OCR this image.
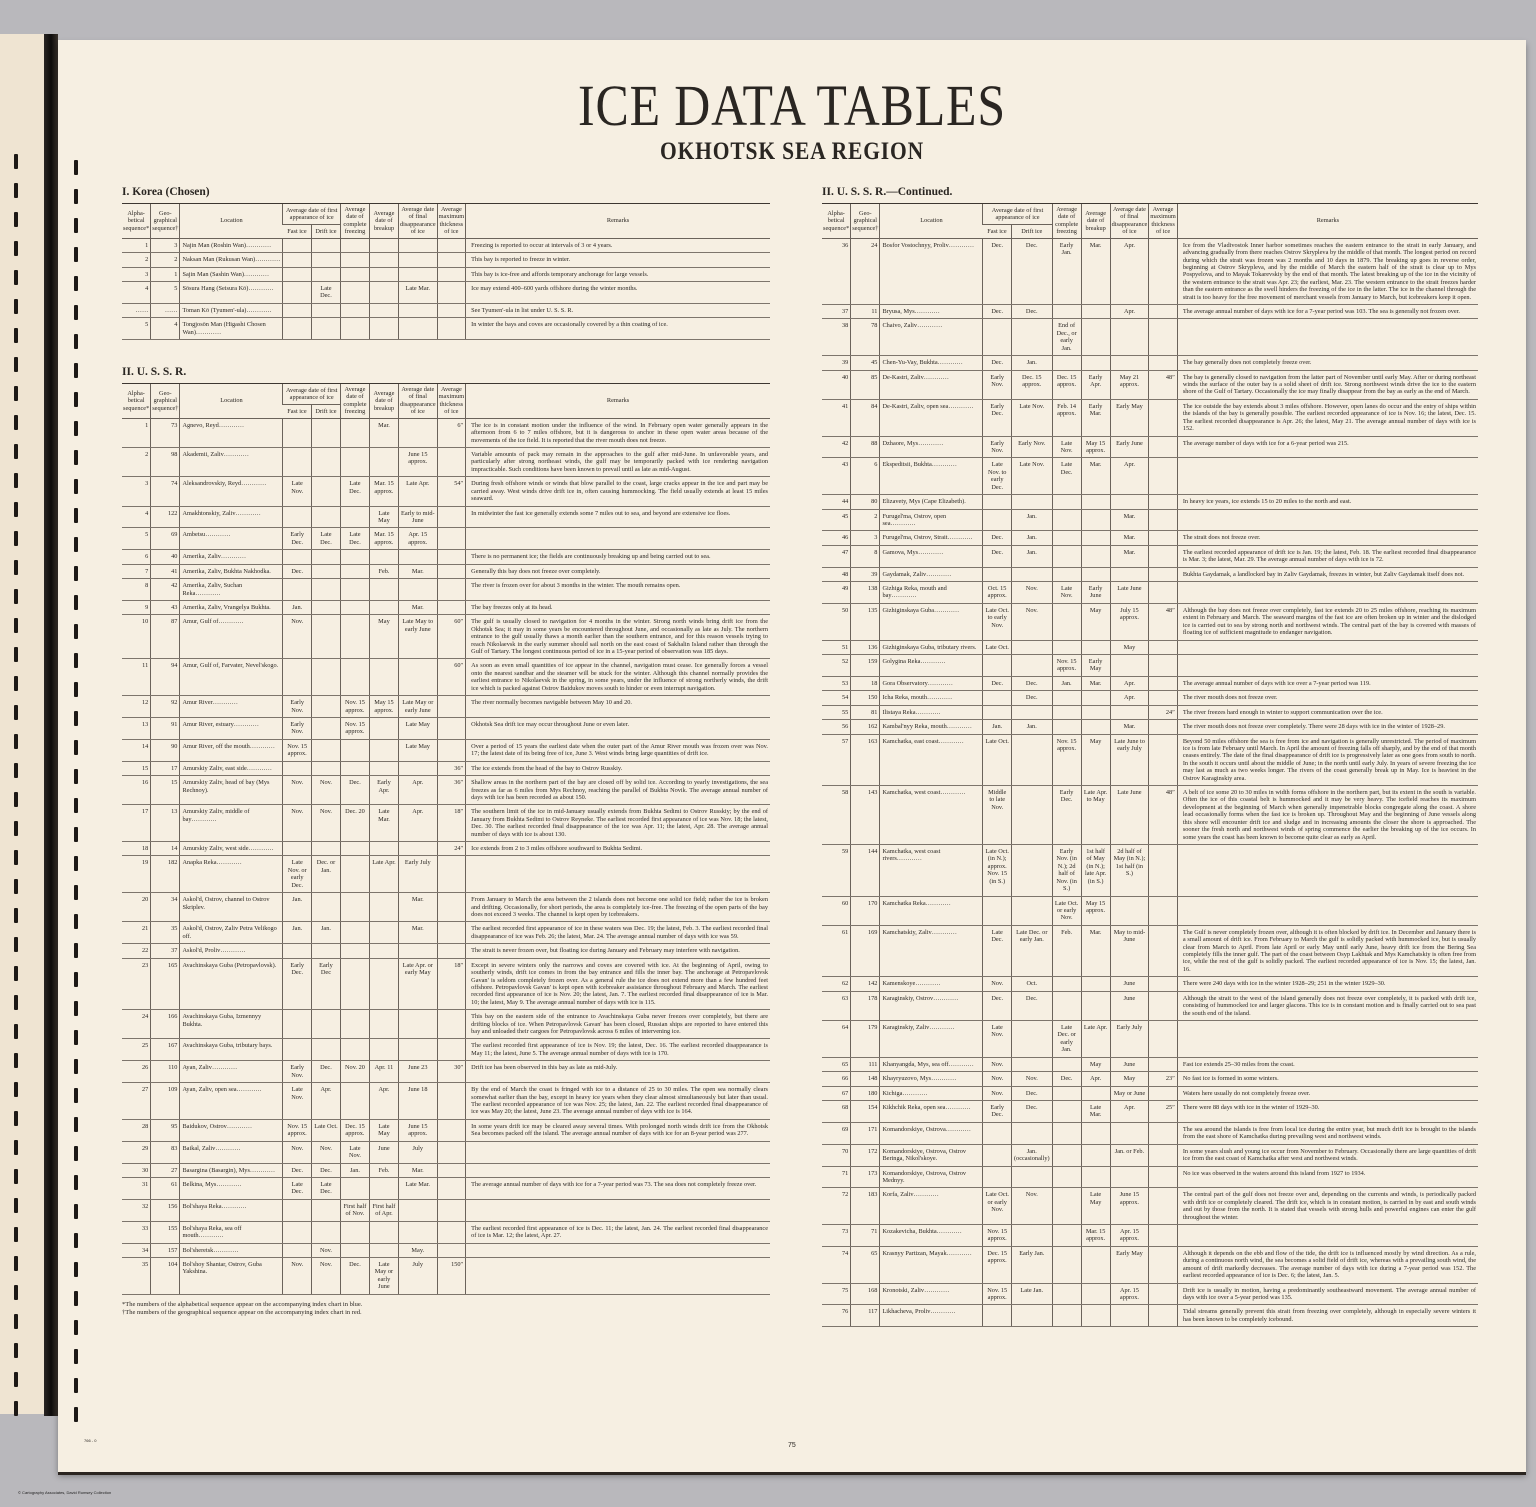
ICE DATA TABLES
OKHOTSK SEA REGION
I. Korea (Chosen)
Alpha-betical sequence*	Geo-graphical sequence†	Location	Average date of first appearance of ice		Average date of complete freezing	Average date of breakup	Average date of final disappearance of ice	Average maximum thickness of ice	Remarks
			Fast ice	Drift ice					
1	3	Najin Man (Roshin Wan)…………							Freezing is reported to occur at intervals of 3 or 4 years.
2	2	Naksan Man (Rukusan Wan)…………							This bay is reported to freeze in winter.
3	1	Sajin Man (Sashin Wan)…………							This bay is ice-free and affords temporary anchorage for large vessels.
4	5	Sōsura Hang (Seisura Kō)…………		Late Dec.			Late Mar.		Ice may extend 400–600 yards offshore during the winter months.
……	……	Toman Kō (Tyumen'-ula)…………							See Tyumen'-ula in list under U. S. S. R.
5	4	Tongjosōn Man (Higashi Chosen Wan)…………							In winter the bays and coves are occasionally covered by a thin coating of ice.
II. U. S. S. R.
Alpha-betical sequence*	Geo-graphical sequence†	Location	Average date of first appearance of ice		Average date of complete freezing	Average date of breakup	Average date of final disappearance of ice	Average maximum thickness of ice	Remarks
			Fast ice	Drift ice					
1	73	Agnevo, Reyd…………				Mar.		6″	The ice is in constant motion under the influence of the wind. In February open water generally appears in the afternoon from 6 to 7 miles offshore, but it is dangerous to anchor in these open water areas because of the movements of the ice field. It is reported that the river mouth does not freeze.
2	98	Akademii, Zaliv…………					June 15 approx.		Variable amounts of pack may remain in the approaches to the gulf after mid-June. In unfavorable years, and particularly after strong northeast winds, the gulf may be temporarily packed with ice rendering navigation impracticable. Such conditions have been known to prevail until as late as mid-August.
3	74	Aleksandrovskiy, Reyd…………	Late Nov.		Late Dec.	Mar. 15 approx.	Late Apr.	54″	During fresh offshore winds or winds that blow parallel to the coast, large cracks appear in the ice and part may be carried away. West winds drive drift ice in, often causing hummocking. The field usually extends at least 15 miles seaward.
4	122	Amakhtonskiy, Zaliv…………				Late May	Early to mid-June		In midwinter the fast ice generally extends some 7 miles out to sea, and beyond are extensive ice floes.
5	69	Ambetsu…………	Early Dec.	Late Dec.	Late Dec.	Mar. 15 approx.	Apr. 15 approx.		
6	40	Amerika, Zaliv…………							There is no permanent ice; the fields are continuously breaking up and being carried out to sea.
7	41	Amerika, Zaliv, Bukhta Nakhodka.	Dec.			Feb.	Mar.		Generally this bay does not freeze over completely.
8	42	Amerika, Zaliv, Suchan Reka…………							The river is frozen over for about 3 months in the winter. The mouth remains open.
9	43	Amerika, Zaliv, Vrangelya Bukhta.	Jan.				Mar.		The bay freezes only at its head.
10	87	Amur, Gulf of…………	Nov.			May	Late May to early June	60″	The gulf is usually closed to navigation for 4 months in the winter. Strong north winds bring drift ice from the Okhotsk Sea; it may in some years be encountered throughout June, and occasionally as late as July. The northern entrance to the gulf usually thaws a month earlier than the southern entrance, and for this reason vessels trying to reach Nikolaevsk in the early summer should sail north on the east coast of Sakhalin Island rather than through the Gulf of Tartary. The longest continuous period of ice in a 15-year period of observation was 185 days.
11	94	Amur, Gulf of, Farvater, Nevel'skogo.						60″	As soon as even small quantities of ice appear in the channel, navigation must cease. Ice generally forces a vessel onto the nearest sandbar and the steamer will be stuck for the winter. Although this channel normally provides the earliest entrance to Nikolaevsk in the spring, in some years, under the influence of strong northerly winds, the drift ice which is packed against Ostrov Baidukov moves south to hinder or even interrupt navigation.
12	92	Amur River…………	Early Nov.		Nov. 15 approx.	May 15 approx.	Late May or early June		The river normally becomes navigable between May 10 and 20.
13	91	Amur River, estuary…………	Early Nov.		Nov. 15 approx.		Late May		Okhotsk Sea drift ice may occur throughout June or even later.
14	90	Amur River, off the mouth…………	Nov. 15 approx.				Late May		Over a period of 15 years the earliest date when the outer part of the Amur River mouth was frozen over was Nov. 17; the latest date of its being free of ice, June 3. West winds bring large quantities of drift ice.
15	17	Amurskiy Zaliv, east side…………						36″	The ice extends from the head of the bay to Ostrov Russkiy.
16	15	Amurskiy Zaliv, head of bay (Mys Rechnoy).	Nov.	Nov.	Dec.	Early Apr.	Apr.	36″	Shallow areas in the northern part of the bay are closed off by solid ice. According to yearly investigations, the sea freezes as far as 6 miles from Mys Rechnoy, reaching the parallel of Bukhta Novik. The average annual number of days with ice has been recorded as about 150.
17	13	Amurskiy Zaliv, middle of bay…………	Nov.	Nov.	Dec. 20	Late Mar.	Apr.	18″	The southern limit of the ice in mid-January usually extends from Bukhta Sedimi to Ostrov Russkiy; by the end of January from Bukhta Sedimi to Ostrov Reyneke. The earliest recorded first appearance of ice was Nov. 18; the latest, Dec. 30. The earliest recorded final disappearance of the ice was Apr. 11; the latest, Apr. 28. The average annual number of days with ice is about 130.
18	14	Amurskiy Zaliv, west side…………						24″	Ice extends from 2 to 3 miles offshore southward to Bukhta Sedimi.
19	182	Anapka Reka…………	Late Nov. or early Dec.	Dec. or Jan.		Late Apr.	Early July		
20	34	Askol'd, Ostrov, channel to Ostrov Skriplev.	Jan.				Mar.		From January to March the area between the 2 islands does not become one solid ice field; rather the ice is broken and drifting. Occasionally, for short periods, the area is completely ice-free. The freezing of the open parts of the bay does not exceed 3 weeks. The channel is kept open by icebreakers.
21	35	Askol'd, Ostrov, Zaliv Petra Velikogo off.	Jan.	Jan.			Mar.		The earliest recorded first appearance of ice in these waters was Dec. 19; the latest, Feb. 3. The earliest recorded final disappearance of ice was Feb. 26; the latest, Mar. 24. The average annual number of days with ice was 59.
22	37	Askol'd, Proliv…………							The strait is never frozen over, but floating ice during January and February may interfere with navigation.
23	165	Avachinskaya Guba (Petropavlovsk).	Early Dec.	Early Dec			Late Apr. or early May	18″	Except in severe winters only the narrows and coves are covered with ice. At the beginning of April, owing to southerly winds, drift ice comes in from the bay entrance and fills the inner bay. The anchorage at Petropavlovsk Gavan' is seldom completely frozen over. As a general rule the ice does not extend more than a few hundred feet offshore. Petropavlovsk Gavan' is kept open with icebreaker assistance throughout February and March. The earliest recorded first appearance of ice is Nov. 20; the latest, Jan. 7. The earliest recorded final disappearance of ice is Mar. 10; the latest, May 9. The average annual number of days with ice is 115.
24	166	Avachinskaya Guba, Izmennyy Bukhta.							This bay on the eastern side of the entrance to Avachinskaya Guba never freezes over completely, but there are drifting blocks of ice. When Petropavlovsk Gavan' has been closed, Russian ships are reported to have entered this bay and unloaded their cargoes for Petropavlovsk across 6 miles of intervening ice.
25	167	Avachinskaya Guba, tributary bays.							The earliest recorded first appearance of ice is Nov. 19; the latest, Dec. 16. The earliest recorded disappearance is May 11; the latest, June 5. The average annual number of days with ice is 170.
26	110	Ayan, Zaliv…………	Early Nov.	Dec.	Nov. 20	Apr. 11	June 23	30″	Drift ice has been observed in this bay as late as mid-July.
27	109	Ayan, Zaliv, open sea…………	Late Nov.	Apr.		Apr.	June 18		By the end of March the coast is fringed with ice to a distance of 25 to 30 miles. The open sea normally clears somewhat earlier than the bay, except in heavy ice years when they clear almost simultaneously but later than usual. The earliest recorded appearance of ice was Nov. 25; the latest, Jan. 22. The earliest recorded final disappearance of ice was May 20; the latest, June 23. The average annual number of days with ice is 164.
28	95	Baidukov, Ostrov…………	Nov. 15 approx.	Late Oct.	Dec. 15 approx.	Late May	June 15 approx.		In some years drift ice may be cleared away several times. With prolonged north winds drift ice from the Okhotsk Sea becomes packed off the island. The average annual number of days with ice for an 8-year period was 277.
29	83	Baikal, Zaliv…………	Nov.	Nov.	Late Nov.	June	July		
30	27	Basargina (Basargin), Mys…………	Dec.	Dec.	Jan.	Feb.	Mar.		
31	61	Belkina, Mys…………	Late Dec.	Late Dec.			Late Mar.		The average annual number of days with ice for a 7-year period was 73. The sea does not completely freeze over.
32	156	Bol'shaya Reka…………			First half of Nov.	First half of Apr.			
33	155	Bol'shaya Reka, sea off mouth…………							The earliest recorded first appearance of ice is Dec. 11; the latest, Jan. 24. The earliest recorded final disappearance of ice is Mar. 12; the latest, Apr. 27.
34	157	Bol'sheretsk…………		Nov.			May.		
35	104	Bol'shoy Shantar, Ostrov, Guba Yakshina.	Nov.	Nov.	Dec.	Late May or early June	July	150″	
*The numbers of the alphabetical sequence appear on the accompanying index chart in blue.
†The numbers of the geographical sequence appear on the accompanying index chart in red.
II. U. S. S. R.—Continued.
Alpha-betical sequence*	Geo-graphical sequence†	Location	Average date of first appearance of ice		Average date of complete freezing	Average date of breakup	Average date of final disappearance of ice	Average maximum thickness of ice	Remarks
			Fast ice	Drift ice					
36	24	Bosfor Vostochnyy, Proliv…………	Dec.	Dec.	Early Jan.	Mar.	Apr.		Ice from the Vladivostok Inner harbor sometimes reaches the eastern entrance to the strait in early January, and advancing gradually from there reaches Ostrov Skrypleva by the middle of that month. The longest period on record during which the strait was frozen was 2 months and 10 days in 1879. The breaking up goes in reverse order, beginning at Ostrov Skrypleva, and by the middle of March the eastern half of the strait is clear up to Mys Pospyelova, and to Mayak Tokarevskiy by the end of that month. The latest breaking up of the ice in the vicinity of the western entrance to the strait was Apr. 23; the earliest, Mar. 23. The western entrance to the strait freezes harder than the eastern entrance as the swell hinders the freezing of the ice in the latter. The ice in the channel through the strait is too heavy for the free movement of merchant vessels from January to March, but icebreakers keep it open.
37	11	Bryusa, Mys…………	Dec.	Dec.			Apr.		The average annual number of days with ice for a 7-year period was 103. The sea is generally not frozen over.
38	78	Chaivo, Zaliv…………			End of Dec., or early Jan.				
39	45	Chen-Yu-Vay, Bukhta…………	Dec.	Jan.					The bay generally does not completely freeze over.
40	85	De-Kastri, Zaliv…………	Early Nov.	Dec. 15 approx.	Dec. 15 approx.	Early Apr.	May 21 approx.	48″	The bay is generally closed to navigation from the latter part of November until early May. After or during northeast winds the surface of the outer bay is a solid sheet of drift ice. Strong northwest winds drive the ice to the eastern shore of the Gulf of Tartary. Occasionally the ice may finally disappear from the bay as early as the end of March.
41	84	De-Kastri, Zaliv, open sea…………	Early Dec.	Late Nov.	Feb. 14 approx.	Early Mar.	Early May		The ice outside the bay extends about 3 miles offshore. However, open lanes do occur and the entry of ships within the islands of the bay is generally possible. The earliest recorded appearance of ice is Nov. 16; the latest, Dec. 15. The earliest recorded disappearance is Apr. 26; the latest, May 21. The average annual number of days with ice is 152.
42	88	Dzhaore, Mys…………	Early Nov.	Early Nov.	Late Nov.	May 15 approx.	Early June		The average number of days with ice for a 6-year period was 215.
43	6	Ekspeditsii, Bukhta…………	Late Nov. to early Dec.	Late Nov.	Late Dec.	Mar.	Apr.		
44	80	Elizavety, Mys (Cape Elizabeth).							In heavy ice years, ice extends 15 to 20 miles to the north and east.
45	2	Furugel'ma, Ostrov, open sea…………		Jan.			Mar.		
46	3	Furugel'ma, Ostrov, Strait…………	Dec.	Jan.			Mar.		The strait does not freeze over.
47	8	Gamova, Mys…………	Dec.	Jan.			Mar.		The earliest recorded appearance of drift ice is Jan. 19; the latest, Feb. 18. The earliest recorded final disappearance is Mar. 3; the latest, Mar. 29. The average annual number of days with ice is 72.
48	39	Gaydamak, Zaliv…………							Bukhta Gaydamak, a landlocked bay in Zaliv Gaydamak, freezes in winter, but Zaliv Gaydamak itself does not.
49	138	Gizhiga Reka, mouth and bay…………	Oct. 15 approx.	Nov.	Late Nov.	Early June	Late June		
50	135	Gizhiginskaya Guba…………	Late Oct. to early Nov.	Nov.		May	July 15 approx.	48″	Although the bay does not freeze over completely, fast ice extends 20 to 25 miles offshore, reaching its maximum extent in February and March. The seaward margins of the fast ice are often broken up in winter and the dislodged ice is carried out to sea by strong north and northwest winds. The central part of the bay is covered with masses of floating ice of sufficient magnitude to endanger navigation.
51	136	Gizhiginskaya Guba, tributary rivers.	Late Oct.				May		
52	159	Golygina Reka…………			Nov. 15 approx.	Early May			
53	18	Gora Observatory…………	Dec.	Dec.	Jan.	Mar.	Apr.		The average annual number of days with ice over a 7-year period was 119.
54	150	Icha Reka, mouth…………		Dec.			Apr.		The river mouth does not freeze over.
55	81	Ilistaya Reka…………						24″	The river freezes hard enough in winter to support communication over the ice.
56	162	Kambal'nyy Reka, mouth…………	Jan.	Jan.			Mar.		The river mouth does not freeze over completely. There were 28 days with ice in the winter of 1928–29.
57	163	Kamchatka, east coast…………	Late Oct.		Nov. 15 approx.	May	Late June to early July		Beyond 50 miles offshore the sea is free from ice and navigation is generally unrestricted. The period of maximum ice is from late February until March. In April the amount of freezing falls off sharply, and by the end of that month ceases entirely. The date of the final disappearance of drift ice is progressively later as one goes from south to north. In the south it occurs until about the middle of June; in the north until early July. In years of severe freezing the ice may last as much as two weeks longer. The rivers of the coast generally break up in May. Ice is heaviest in the Ostrov Karaginskiy area.
58	143	Kamchatka, west coast…………	Middle to late Nov.		Early Dec.	Late Apr. to May	Late June	48″	A belt of ice some 20 to 30 miles in width forms offshore in the northern part, but its extent in the south is variable. Often the ice of this coastal belt is hummocked and it may be very heavy. The icefield reaches its maximum development at the beginning of March when generally impenetrable blocks congregate along the coast. A shore lead occasionally forms when the fast ice is broken up. Throughout May and the beginning of June vessels along this shore will encounter drift ice and sludge and in increasing amounts the closer the shore is approached. The sooner the fresh north and northwest winds of spring commence the earlier the breaking up of the ice occurs. In some years the coast has been known to become quite clear as early as April.
59	144	Kamchatka, west coast rivers…………	Late Oct. (in N.); approx. Nov. 15 (in S.)		Early Nov. (in N.); 2d half of Nov. (in S.)	1st half of May (in N.); late Apr. (in S.)	2d half of May (in N.); 1st half (in S.)		
60	170	Kamchatka Reka…………			Late Oct. or early Nov.	May 15 approx.			
61	169	Kamchatskiy, Zaliv…………	Late Dec.	Late Dec. or early Jan.	Feb.	Mar.	May to mid-June		The Gulf is never completely frozen over, although it is often blocked by drift ice. In December and January there is a small amount of drift ice. From February to March the gulf is solidly packed with hummocked ice, but is usually clear from March to April. From late April or early May until early June, heavy drift ice from the Bering Sea completely fills the inner gulf. The part of the coast between Osyp Lakhtak and Mys Kamchatskiy is often free from ice, while the rest of the gulf is solidly packed. The earliest recorded appearance of ice is Nov. 15; the latest, Jan. 16.
62	142	Kamenskoye…………	Nov.	Oct.			June		There were 240 days with ice in the winter 1928–29; 251 in the winter 1929–30.
63	178	Karaginskiy, Ostrov…………	Dec.	Dec.			June		Although the strait to the west of the island generally does not freeze over completely, it is packed with drift ice, consisting of hummocked ice and larger glacons. This ice is in constant motion and is finally carried out to sea past the south end of the island.
64	179	Karaginskiy, Zaliv…………	Late Nov.		Late Dec. or early Jan.	Late Apr.	Early July		
65	111	Khanyangda, Mys, sea off…………	Nov.			May	June		Fast ice extends 25–30 miles from the coast.
66	148	Khayryuzovo, Mys…………	Nov.	Nov.	Dec.	Apr.	May	23″	No fast ice is formed in some winters.
67	180	Kichiga…………	Nov.	Dec.			May or June		Waters here usually do not completely freeze over.
68	154	Kikhchik Reka, open sea…………	Early Dec.	Dec.		Late Mar.	Apr.	25″	There were 88 days with ice in the winter of 1929–30.
69	171	Komandorskiye, Ostrova…………							The sea around the islands is free from local ice during the entire year, but much drift ice is brought to the islands from the east shore of Kamchatka during prevailing west and northwest winds.
70	172	Komandorskiye, Ostrova, Ostrov Beringa, Nikol'skoye.		Jan. (occasionally)			Jan. or Feb.		In some years slush and young ice occur from November to February. Occasionally there are large quantities of drift ice from the east coast of Kamchatka after west and northwest winds.
71	173	Komandorskiye, Ostrova, Ostrov Mednyy.							No ice was observed in the waters around this island from 1927 to 1934.
72	183	Korfa, Zaliv…………	Late Oct. or early Nov.	Nov.		Late May	June 15 approx.		The central part of the gulf does not freeze over and, depending on the currents and winds, is periodically packed with drift ice or completely cleared. The drift ice, which is in constant motion, is carried in by east and south winds and out by those from the north. It is stated that vessels with strong hulls and powerful engines can enter the gulf throughout the winter.
73	71	Kozakevicha, Bukhta…………	Nov. 15 approx.			Mar. 15 approx.	Apr. 15 approx.		
74	65	Krasnyy Partizan, Mayak…………	Dec. 15 approx.	Early Jan.			Early May		Although it depends on the ebb and flow of the tide, the drift ice is influenced mostly by wind direction. As a rule, during a continuous north wind, the sea becomes a solid field of drift ice, whereas with a prevailing south wind, the amount of drift markedly decreases. The average number of days with ice during a 7-year period was 152. The earliest recorded appearance of ice is Dec. 6; the latest, Jan. 5.
75	168	Kronotski, Zaliv…………	Nov. 15 approx.	Late Jan.			Apr. 15 approx.		Drift ice is usually in motion, having a predominantly southeastward movement. The average annual number of days with ice over a 5-year period was 135.
76	117	Likhacheva, Proliv…………							Tidal streams generally prevent this strait from freezing over completely, although in especially severe winters it has been known to be completely icebound.
766 - 0
75
© Cartography Associates, David Rumsey Collection
